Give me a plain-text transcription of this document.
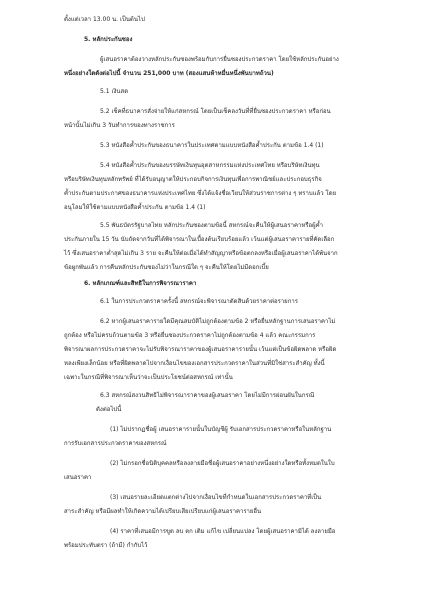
ตั้งแต่เวลา 13.00 น. เป็นต้นไป
5. หลักประกันซอง
ผู้เสนอราคาต้องวางหลักประกันซองพร้อมกับการยื่นซองประกวดราคา โดยใช้หลักประกันอย่าง
หนึ่งอย่างใดดังต่อไปนี้ จำนวน 251,000 บาท (สองแสนห้าหมื่นหนึ่งพันบาทถ้วน)
5.1 เงินสด
5.2 เช็คที่ธนาคารสั่งจ่ายให้แก่สหกรณ์ โดยเป็นเช็คลงวันที่ที่ยื่นซองประกวดราคา หรือก่อน
หน้านั้นไม่เกิน 3 วันทำการของทางราชการ
5.3 หนังสือค้ำประกันของธนาคารในประเทศตามแบบหนังสือค้ำประกัน ตามข้อ 1.4 (1)
5.4 หนังสือค้ำประกันของบรรษัทเงินทุนอุตสาหกรรมแห่งประเทศไทย หรือบริษัทเงินทุน
หรือบริษัทเงินทุนหลักทรัพย์ ที่ได้รับอนุญาตให้ประกอบกิจการเงินทุนเพื่อการพาณิชย์และประกอบธุรกิจ
ค้ำประกันตามประกาศของธนาคารแห่งประเทศไทย ซึ่งได้แจ้งชื่อเวียนให้ส่วนราชการต่าง ๆ ทราบแล้ว โดย
อนุโลมให้ใช้ตามแบบหนังสือค้ำประกัน ตามข้อ 1.4 (1)
5.5 พันธบัตรรัฐบาลไทย หลักประกันซองตามข้อนี้ สหกรณ์จะคืนให้ผู้เสนอราคาหรือผู้ค้ำ
ประกันภายใน 15 วัน นับถัดจากวันที่ได้พิจารณาในเบื้องต้นเรียบร้อยแล้ว เว้นแต่ผู้เสนอราคารายที่คัดเลือก
ไว้ ซึ่งเสนอราคาต่ำสุดไม่เกิน 3 ราย จะคืนให้ต่อเมื่อได้ทำสัญญาหรือข้อตกลงหรือเมื่อผู้เสนอราคาได้พ้นจาก
ข้อผูกพันแล้ว การคืนหลักประกันซองไม่ว่าในกรณีใด ๆ จะคืนให้โดยไม่มีดอกเบี้ย
6. หลักเกณฑ์และสิทธิในการพิจารณาราคา
6.1 ในการประกวดราคาครั้งนี้ สหกรณ์จะพิจารณาตัดสินด้วยราคาต่อรายการ
6.2 หากผู้เสนอราคารายใดมีคุณสมบัติไม่ถูกต้องตามข้อ 2 หรือยื่นหลักฐานการเสนอราคาไม่
ถูกต้อง หรือไม่ครบถ้วนตามข้อ 3 หรือยื่นซองประกวดราคาไม่ถูกต้องตามข้อ 4 แล้ว คณะกรรมการ
พิจารณาผลการประกวดราคาจะไม่รับพิจารณาราคาของผู้เสนอราคารายนั้น เว้นแต่เป็นข้อผิดพลาด หรือผิด
หลงเพียงเล็กน้อย หรือที่ผิดพลาดไปจากเงื่อนไขของเอกสารประกวดราคาในส่วนที่มิใช่สาระสำคัญ ทั้งนี้
เฉพาะในกรณีที่พิจารณาเห็นว่าจะเป็นประโยชน์ต่อสหกรณ์ เท่านั้น
6.3 สหกรณ์สงวนสิทธิไม่พิจารณาราคาของผู้เสนอราคา โดยไม่มีการผ่อนผันในกรณี
ดังต่อไปนี้
(1) ไม่ปรากฏชื่อผู้ เสนอราคารายนั้นในบัญชีผู้ รับเอกสารประกวดราคาหรือในหลักฐาน
การรับเอกสารประกวดราคาของสหกรณ์
(2) ไม่กรอกชื่อนิติบุคคลหรือลงลายมือชื่อผู้เสนอราคาอย่างหนึ่งอย่างใดหรือทั้งหมดในใบ
เสนอราคา
(3) เสนอรายละเอียดแตกต่างไปจากเงื่อนไขที่กำหนดในเอกสารประกวดราคาที่เป็น
สาระสำคัญ หรือมีผลทำให้เกิดความได้เปรียบเสียเปรียบแก่ผู้เสนอราคารายอื่น
(4) ราคาที่เสนอมีการขูด ลบ ตก เติม แก้ไข เปลี่ยนแปลง โดยผู้เสนอราคามิได้ ลงลายมือ
พร้อมประทับตรา (ถ้ามี) กำกับไว้
